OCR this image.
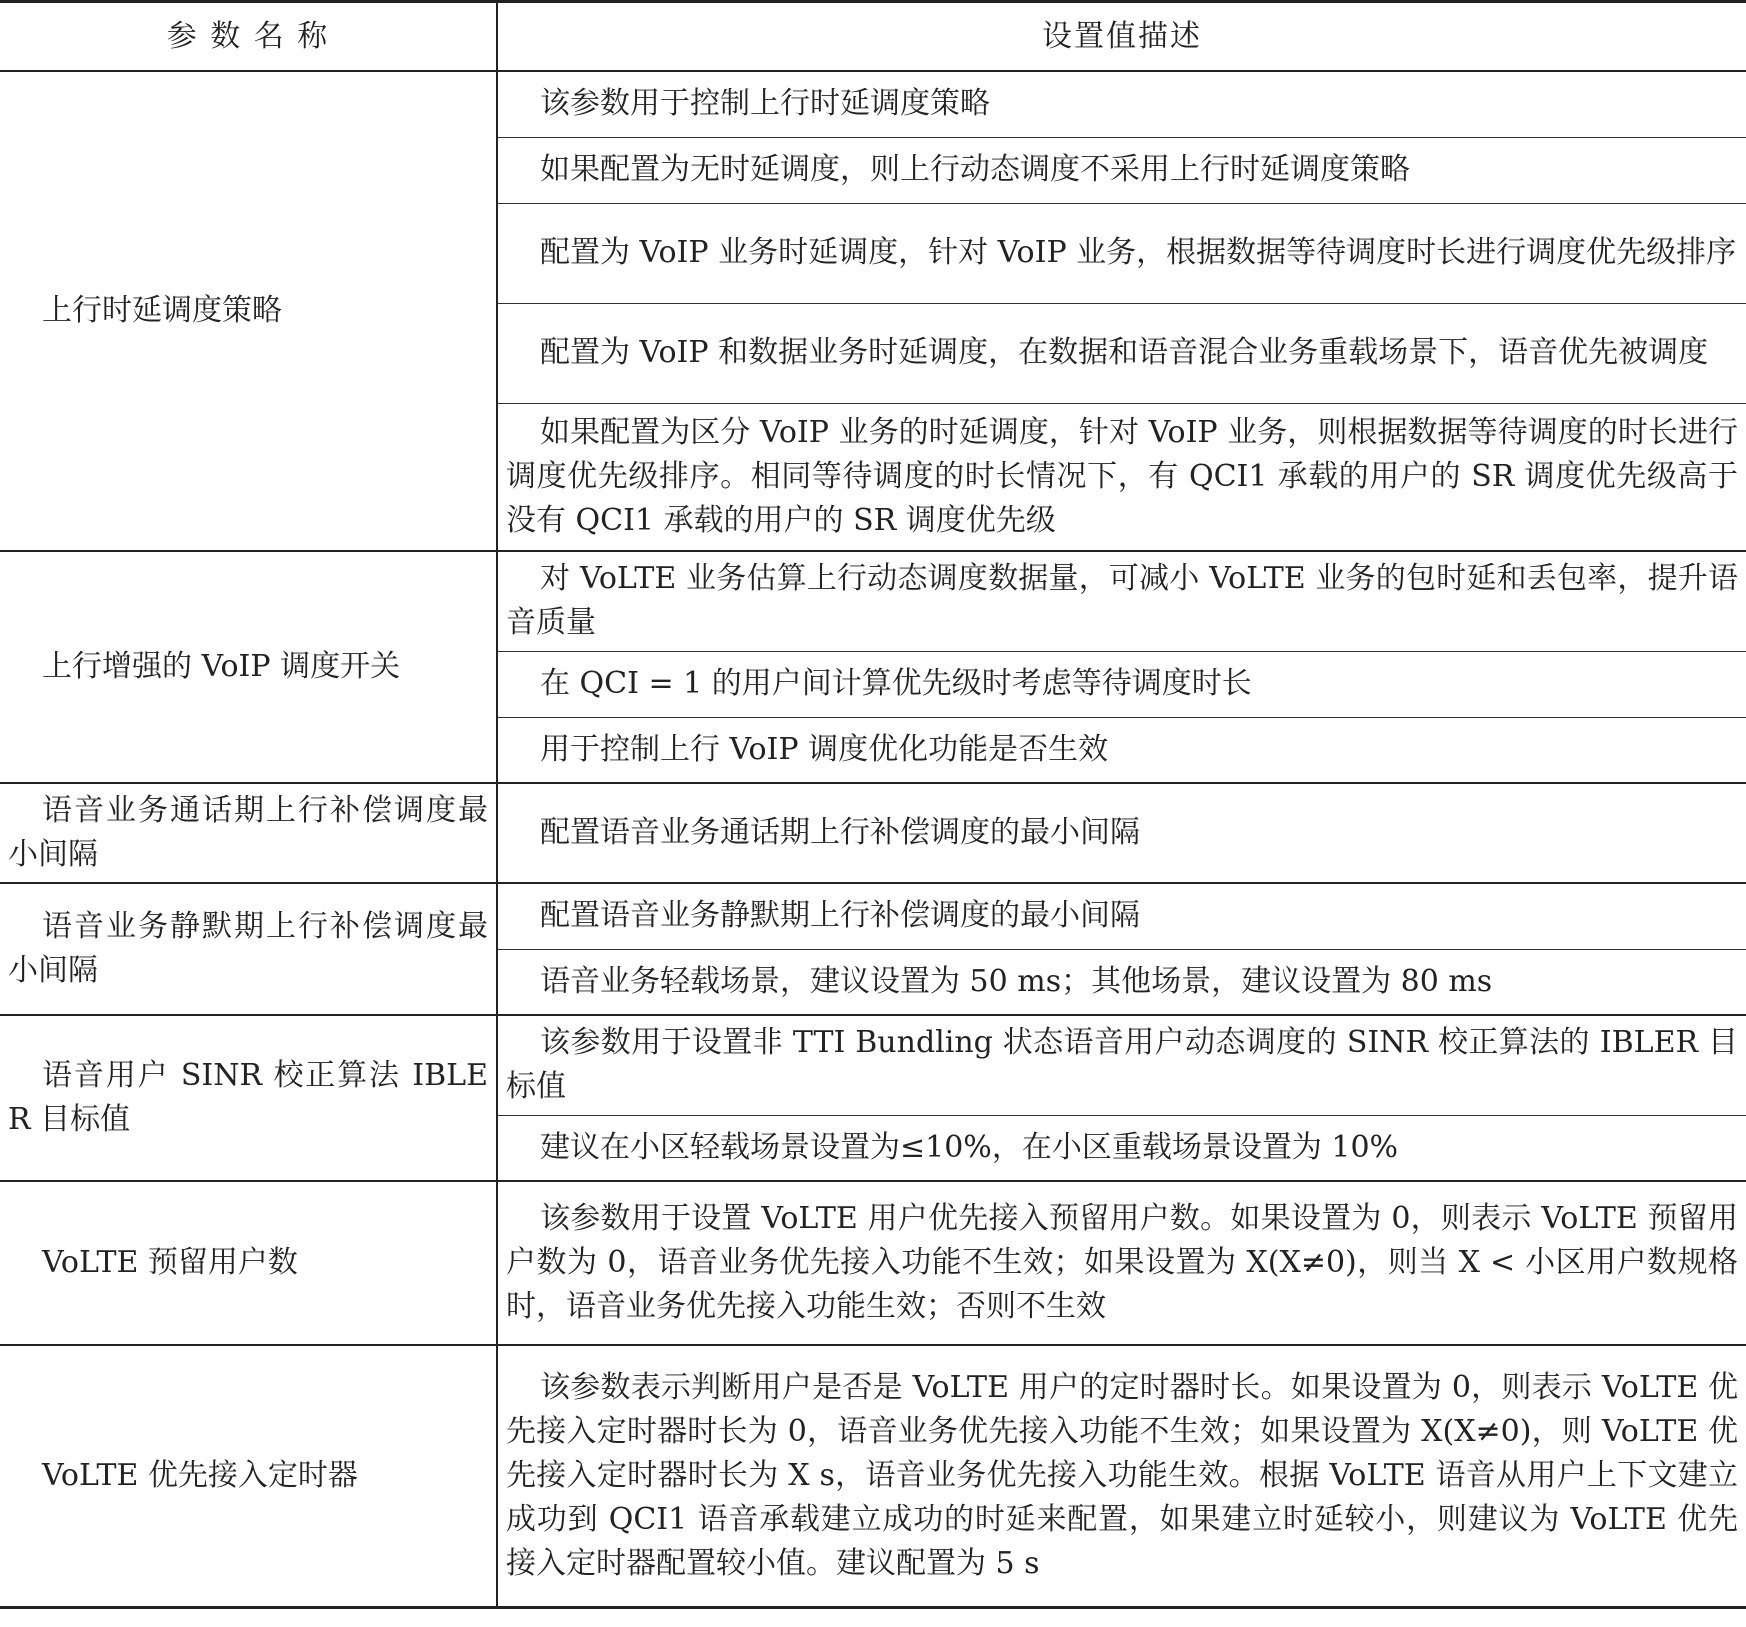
参 数 名 称	设置值描述
上行时延调度策略	该参数用于控制上行时延调度策略
	如果配置为无时延调度，则上行动态调度不采用上行时延调度策略
	配置为 VoIP 业务时延调度，针对 VoIP 业务，根据数据等待调度时长进行调度优先级排序
	配置为 VoIP 和数据业务时延调度，在数据和语音混合业务重载场景下，语音优先被调度
	如果配置为区分 VoIP 业务的时延调度，针对 VoIP 业务，则根据数据等待调度的时长进行调度优先级排序。相同等待调度的时长情况下，有 QCI1 承载的用户的 SR 调度优先级高于没有 QCI1 承载的用户的 SR 调度优先级
上行增强的 VoIP 调度开关	对 VoLTE 业务估算上行动态调度数据量，可减小 VoLTE 业务的包时延和丢包率，提升语音质量
	在 QCI = 1 的用户间计算优先级时考虑等待调度时长
	用于控制上行 VoIP 调度优化功能是否生效
语音业务通话期上行补偿调度最小间隔	配置语音业务通话期上行补偿调度的最小间隔
语音业务静默期上行补偿调度最小间隔	配置语音业务静默期上行补偿调度的最小间隔
	语音业务轻载场景，建议设置为 50 ms；其他场景，建议设置为 80 ms
语音用户 SINR 校正算法 IBLER 目标值	该参数用于设置非 TTI Bundling 状态语音用户动态调度的 SINR 校正算法的 IBLER 目标值
	建议在小区轻载场景设置为≤10%，在小区重载场景设置为 10%
VoLTE 预留用户数	该参数用于设置 VoLTE 用户优先接入预留用户数。如果设置为 0，则表示 VoLTE 预留用户数为 0，语音业务优先接入功能不生效；如果设置为 X(X≠0)，则当 X < 小区用户数规格时，语音业务优先接入功能生效；否则不生效
VoLTE 优先接入定时器	该参数表示判断用户是否是 VoLTE 用户的定时器时长。如果设置为 0，则表示 VoLTE 优先接入定时器时长为 0，语音业务优先接入功能不生效；如果设置为 X(X≠0)，则 VoLTE 优先接入定时器时长为 X s，语音业务优先接入功能生效。根据 VoLTE 语音从用户上下文建立成功到 QCI1 语音承载建立成功的时延来配置，如果建立时延较小，则建议为 VoLTE 优先接入定时器配置较小值。建议配置为 5 s
